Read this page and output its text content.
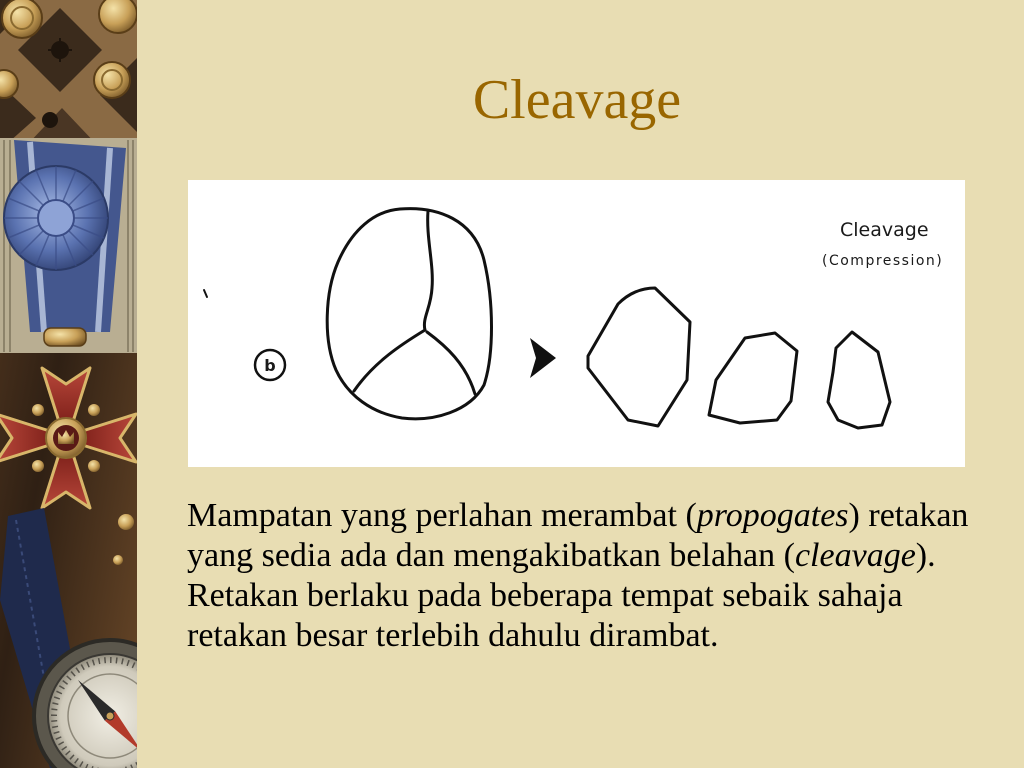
Cleavage
b
Cleavage
(Compression)

Mampatan yang perlahan merambat (propogates) retakan yang sedia ada dan mengakibatkan belahan (cleavage). Retakan berlaku pada beberapa tempat sebaik sahaja retakan besar terlebih dahulu dirambat.
